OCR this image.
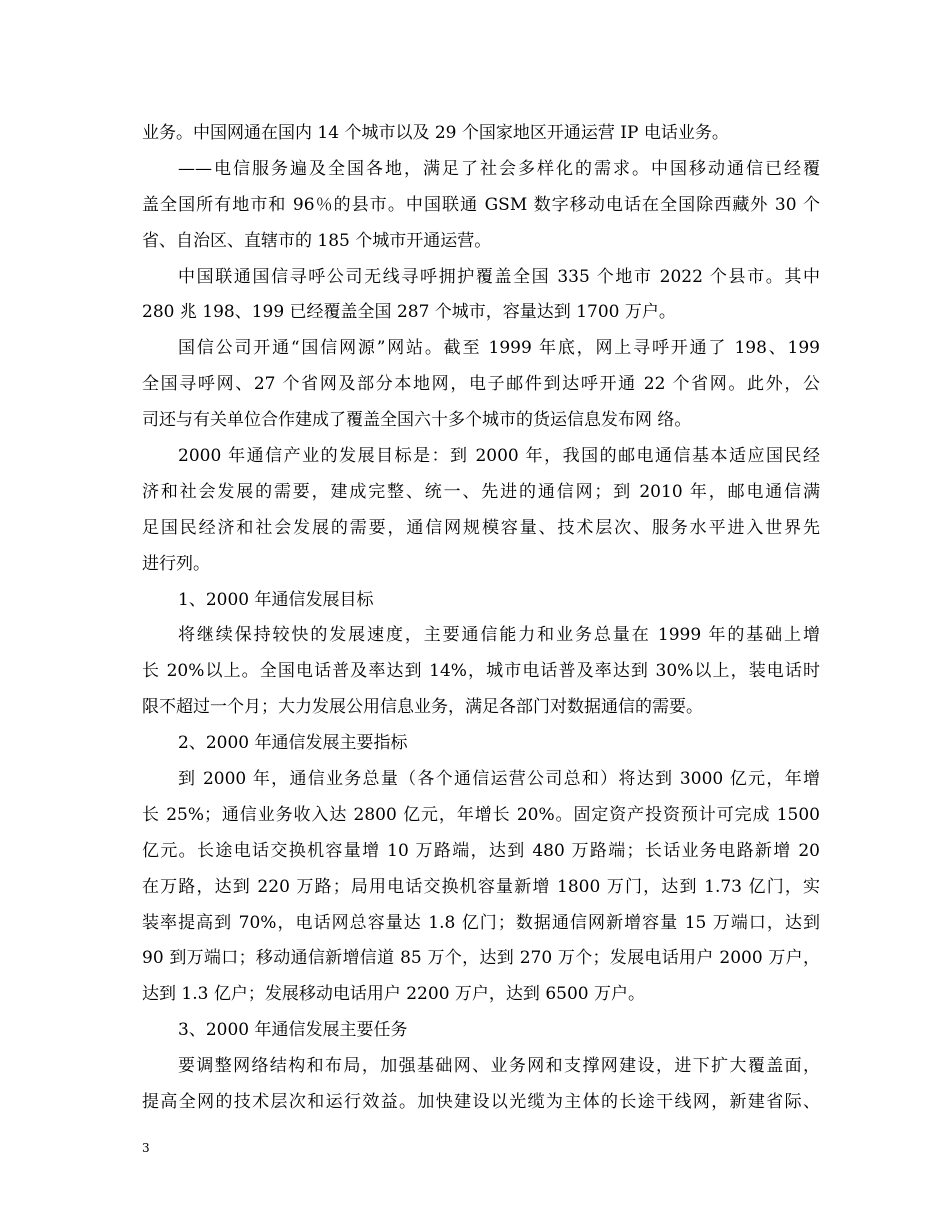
业务。中国网通在国内 14 个城市以及 29 个国家地区开通运营 IP 电话业务。
——电信服务遍及全国各地，满足了社会多样化的需求。中国移动通信已经覆
盖全国所有地市和 96％的县市。中国联通 GSM 数字移动电话在全国除西藏外 30 个
省、自治区、直辖市的 185 个城市开通运营。
中国联通国信寻呼公司无线寻呼拥护覆盖全国 335 个地市 2022 个县市。其中
280 兆 198、199 已经覆盖全国 287 个城市，容量达到 1700 万户。
国信公司开通“国信网源”网站。截至 1999 年底，网上寻呼开通了 198、199
全国寻呼网、27 个省网及部分本地网，电子邮件到达呼开通 22 个省网。此外，公
司还与有关单位合作建成了覆盖全国六十多个城市的货运信息发布网 络。
2000 年通信产业的发展目标是：到 2000 年，我国的邮电通信基本适应国民经
济和社会发展的需要，建成完整、统一、先进的通信网；到 2010 年，邮电通信满
足国民经济和社会发展的需要，通信网规模容量、技术层次、服务水平进入世界先
进行列。
1、2000 年通信发展目标
将继续保持较快的发展速度，主要通信能力和业务总量在 1999 年的基础上增
长 20%以上。全国电话普及率达到 14%，城市电话普及率达到 30%以上，装电话时
限不超过一个月；大力发展公用信息业务，满足各部门对数据通信的需要。
2、2000 年通信发展主要指标
到 2000 年，通信业务总量（各个通信运营公司总和）将达到 3000 亿元，年增
长 25%；通信业务收入达 2800 亿元，年增长 20%。固定资产投资预计可完成 1500
亿元。长途电话交换机容量增 10 万路端，达到 480 万路端；长话业务电路新增 20
在万路，达到 220 万路；局用电话交换机容量新增 1800 万门，达到 1.73 亿门，实
装率提高到 70%，电话网总容量达 1.8 亿门；数据通信网新增容量 15 万端口，达到
90 到万端口；移动通信新增信道 85 万个，达到 270 万个；发展电话用户 2000 万户，
达到 1.3 亿户；发展移动电话用户 2200 万户，达到 6500 万户。
3、2000 年通信发展主要任务
要调整网络结构和布局，加强基础网、业务网和支撑网建设，进下扩大覆盖面，
提高全网的技术层次和运行效益。加快建设以光缆为主体的长途干线网，新建省际、
3
